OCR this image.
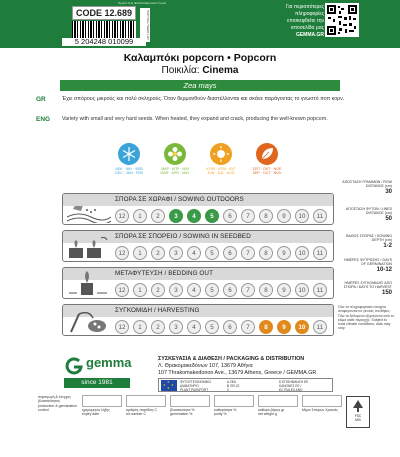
Προϊόν Ε.Ε./Ελλάδα/Εργασία Γενικά
CODE 12.689
5 204248 010099
ΠΑΡΤΙΔΑ / SEED LOT
Για περισσότερες
πληροφορίες
επισκεφθείτε την
ιστοσελίδα μας
GEMMA.GR
Καλαμπόκι popcorn • Popcorn
Ποικιλία: Cinema
Zea mays
GR	Έχει σπόρους μικρούς και πολύ σκληρούς. Όταν θερμανθούν διαστέλλονται και σκάνε παράγοντας το γνωστό ποπ κορν.
ENG Variety with small and very hard seeds. When heated, they expand and crack, producing the well-known popcorn.
ΔΕΚ · ΙΑΝ · ΦΕΒ
DEC · JAN · FEB
ΜΑΡ · ΑΠΡ · ΜΑΪ
MAR · APR · MAY
ΙΟΥΝ · ΙΟΥΛ · ΑΥΓ
JUN · JUL · AUG
ΣΕΠ · ΟΚΤ · ΝΟΕ
SEP · OCT · NOV
ΣΠΟΡΑ ΣΕ ΧΩΡΑΦΙ / SOWING OUTDOORS
12	1	2	3	4	5	6	7	8	9	10	11
ΣΠΟΡΑ ΣΕ ΣΠΟΡΕΙΟ / SOWING IN SEEDBED
12	1	2	3	4	5	6	7	8	9	10	11
ΜΕΤΑΦΥΤΕΥΣΗ / BEDDING OUT
12	1	2	3	4	5	6	7	8	9	10	11
ΣΥΓΚΟΜΙΔΗ / HARVESTING
12	1	2	3	4	5	6	7	8	9	10	11
ΑΠΟΣΤΑΣΗ ΓΡΑΜΜΩΝ / ROW DISTANCE (cm)
30
ΑΠΟΣΤΑΣΗ ΦΥΤΩΝ / LINES DISTANCE (cm)
50
ΒΑΘΟΣ ΣΠΟΡΑΣ / SOWING DEPTH (cm)
1-2
ΗΜΕΡΕΣ ΦΥΤΡΩΣΗΣ / DAYS OF GERMINATION
10-12
ΗΜΕΡΕΣ ΣΥΓΚΟΜΙΔΗΣ ΑΠΟ ΣΠΟΡΑ / DAYS TO HARVEST
150
Όλα τα πληροφοριακά στοιχεία αναφέρονται σε γενικές συνθήκες. Όλα τα δεδομένα εξαρτώνται από το κλίμα κάθε περιοχής. Subject to local climate conditions, data may vary.
gemma
since 1981
ΣΥΣΚΕΥΑΣΙΑ & ΔΙΑΘΕΣΗ / PACKAGING & DISTRIBUTION
Λ. Θρακομακεδόνων 107, 13679 Αθήνα
107 Thrakomakedonon Ave., 13679 Athens, Greece / GEMMA.GR
★
★ ★
★
ΦΥΤΟΥΓΕΙΟΝΟΜΙΚΟ
ΔΙΑΒΑΤΗΡΙΟ
PLANT PASSPORT
A ZEA
B GR-22
C
D ΕΠΙΣΗΜΑΝΣΗ ΕΕ
ΚΑΝΟΝΕΣ ΕΕ /
EC RULES AND
παραγωγή & έλεγχος βλαστικότητας
production & germination control	ημερομηνία λήξης
expiry date
αριθμός παρτίδας C
lot number C
βλαστικότητα %
germination %
καθαρότητα %
purity %
καθαρό βάρος gr
net weight g
Μέρα Σπόρων Χρονιάς
FSC
MIX
